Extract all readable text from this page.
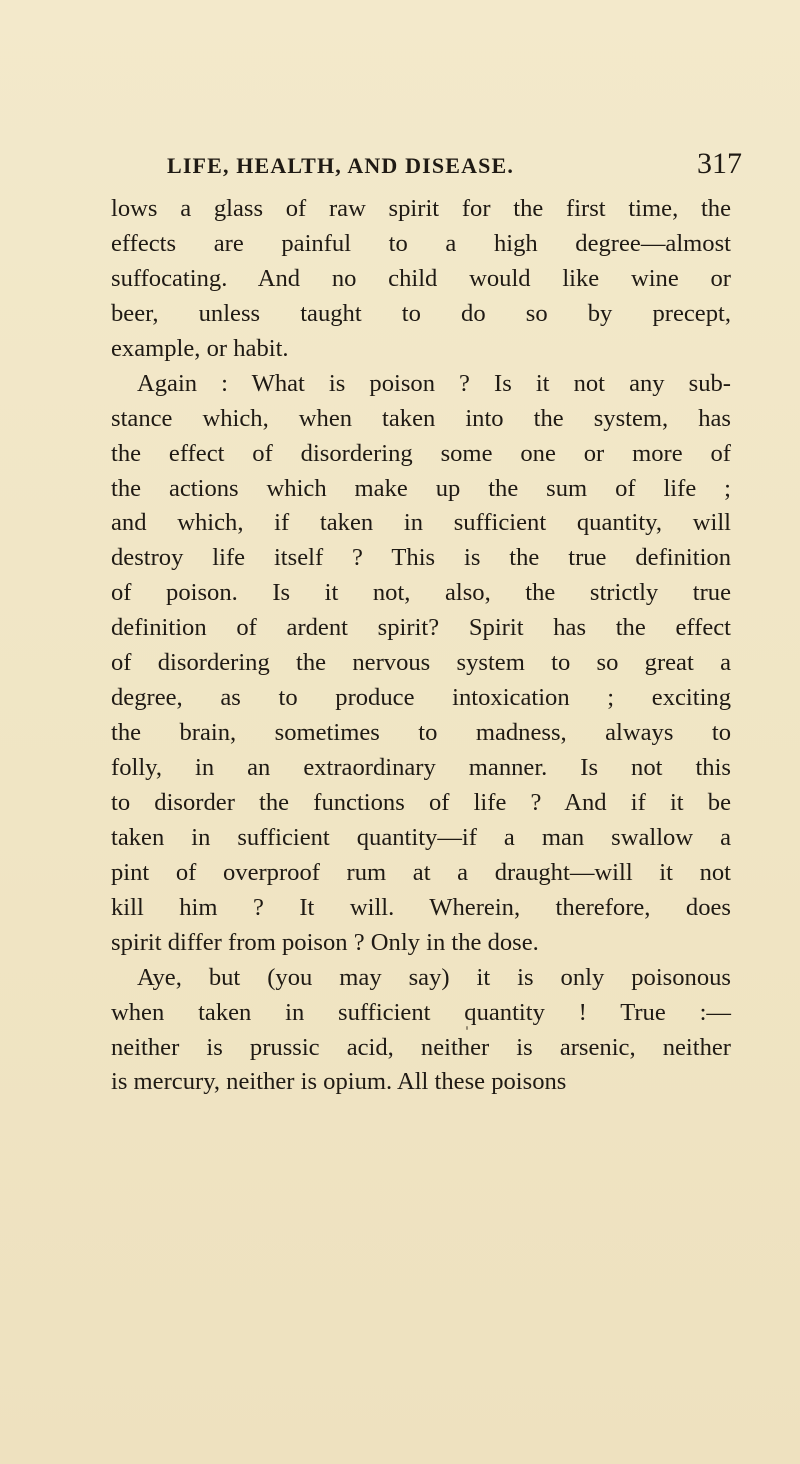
LIFE, HEALTH, AND DISEASE.	317
lows a glass of raw spirit for the first time, the
effects are painful to a high degree—almost
suffocating. And no child would like wine or
beer, unless taught to do so by precept,
example, or habit.
Again : What is poison ? Is it not any sub-
stance which, when taken into the system, has
the effect of disordering some one or more of
the actions which make up the sum of life ;
and which, if taken in sufficient quantity, will
destroy life itself ? This is the true definition
of poison. Is it not, also, the strictly true
definition of ardent spirit? Spirit has the effect
of disordering the nervous system to so great a
degree, as to produce intoxication ; exciting
the brain, sometimes to madness, always to
folly, in an extraordinary manner. Is not this
to disorder the functions of life ? And if it be
taken in sufficient quantity—if a man swallow a
pint of overproof rum at a draught—will it not
kill him ? It will. Wherein, therefore, does
spirit differ from poison ? Only in the dose.
Aye, but (you may say) it is only poisonous
when taken in sufficient quantity ! True :—
neither is prussic acid, neither is arsenic, neither
is mercury, neither is opium. All these poisons
